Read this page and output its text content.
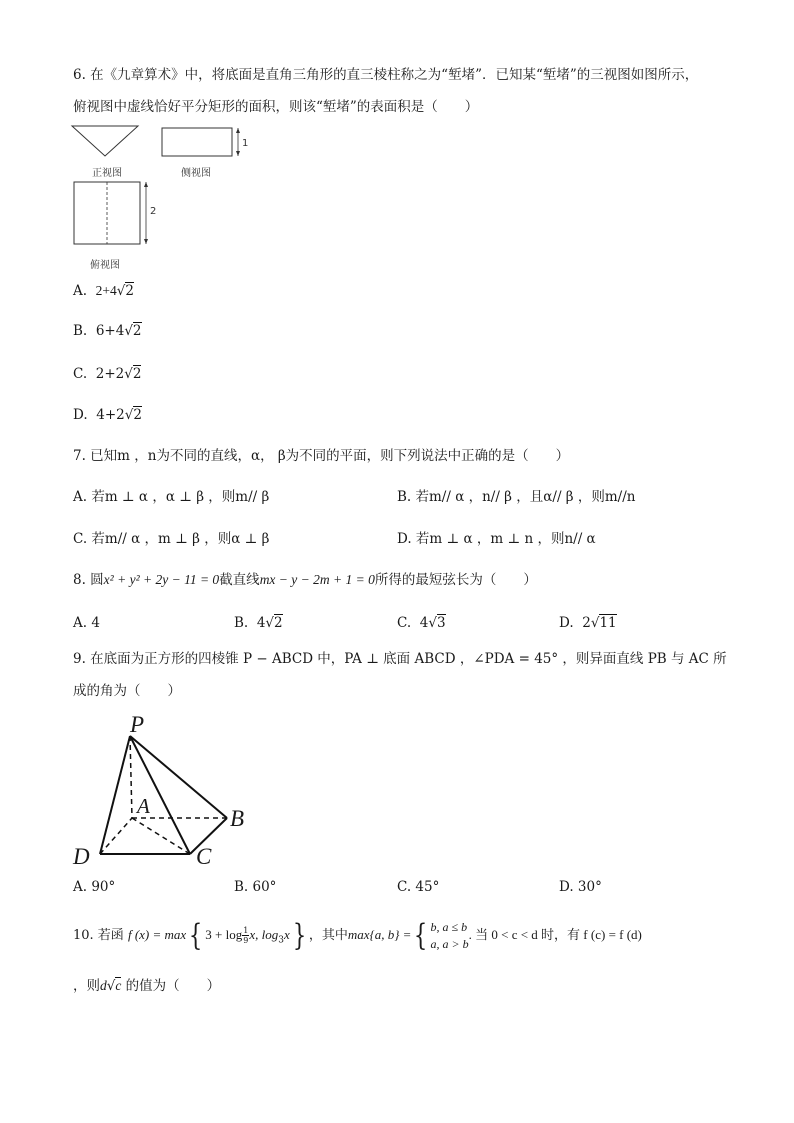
6. 在《九章算术》中，将底面是直角三角形的直三棱柱称之为“堑堵”．已知某“堑堵”的三视图如图所示，
俯视图中虚线恰好平分矩形的面积，则该“堑堵”的表面积是（　　）
正视图	侧视图
1
2
俯视图
A. 2+4√
2
B. 6+4√
2
C. 2+2√
2
D. 4+2√
2
7. 已知m ，n为不同的直线，α， β为不同的平面，则下列说法中正确的是（　　）
A. 若m ⊥ α ，α ⊥ β ，则m// β	B. 若m// α ，n// β ，且α// β ，则m//n
C. 若m// α ，m ⊥ β ，则α ⊥ β	D. 若m ⊥ α ，m ⊥ n ，则n// α
8. 圆x² + y² + 2y − 11 = 0截直线mx − y − 2m + 1 = 0所得的最短弦长为（　　）
A. 4	B. 4√
2	C. 4√
3	D. 2√
11
9. 在底面为正方形的四棱锥 P − ABCD 中，PA ⊥ 底面 ABCD ，∠PDA = 45° ，则异面直线 PB 与 AC 所
成的角为（　　）
P
A	B
C
D
A. 90°	B. 60°	C. 45°	D. 30°
10. 若函 f (x) = max{ $3 + \log \frac{1}{9} x$, $\log_3x$} ，其中max{a, b} ={ b, a ≤ b
a, a > b
. 当 0 < c < d 时，有 f (c) = f (d)
，则d√
c 的值为（　　）
